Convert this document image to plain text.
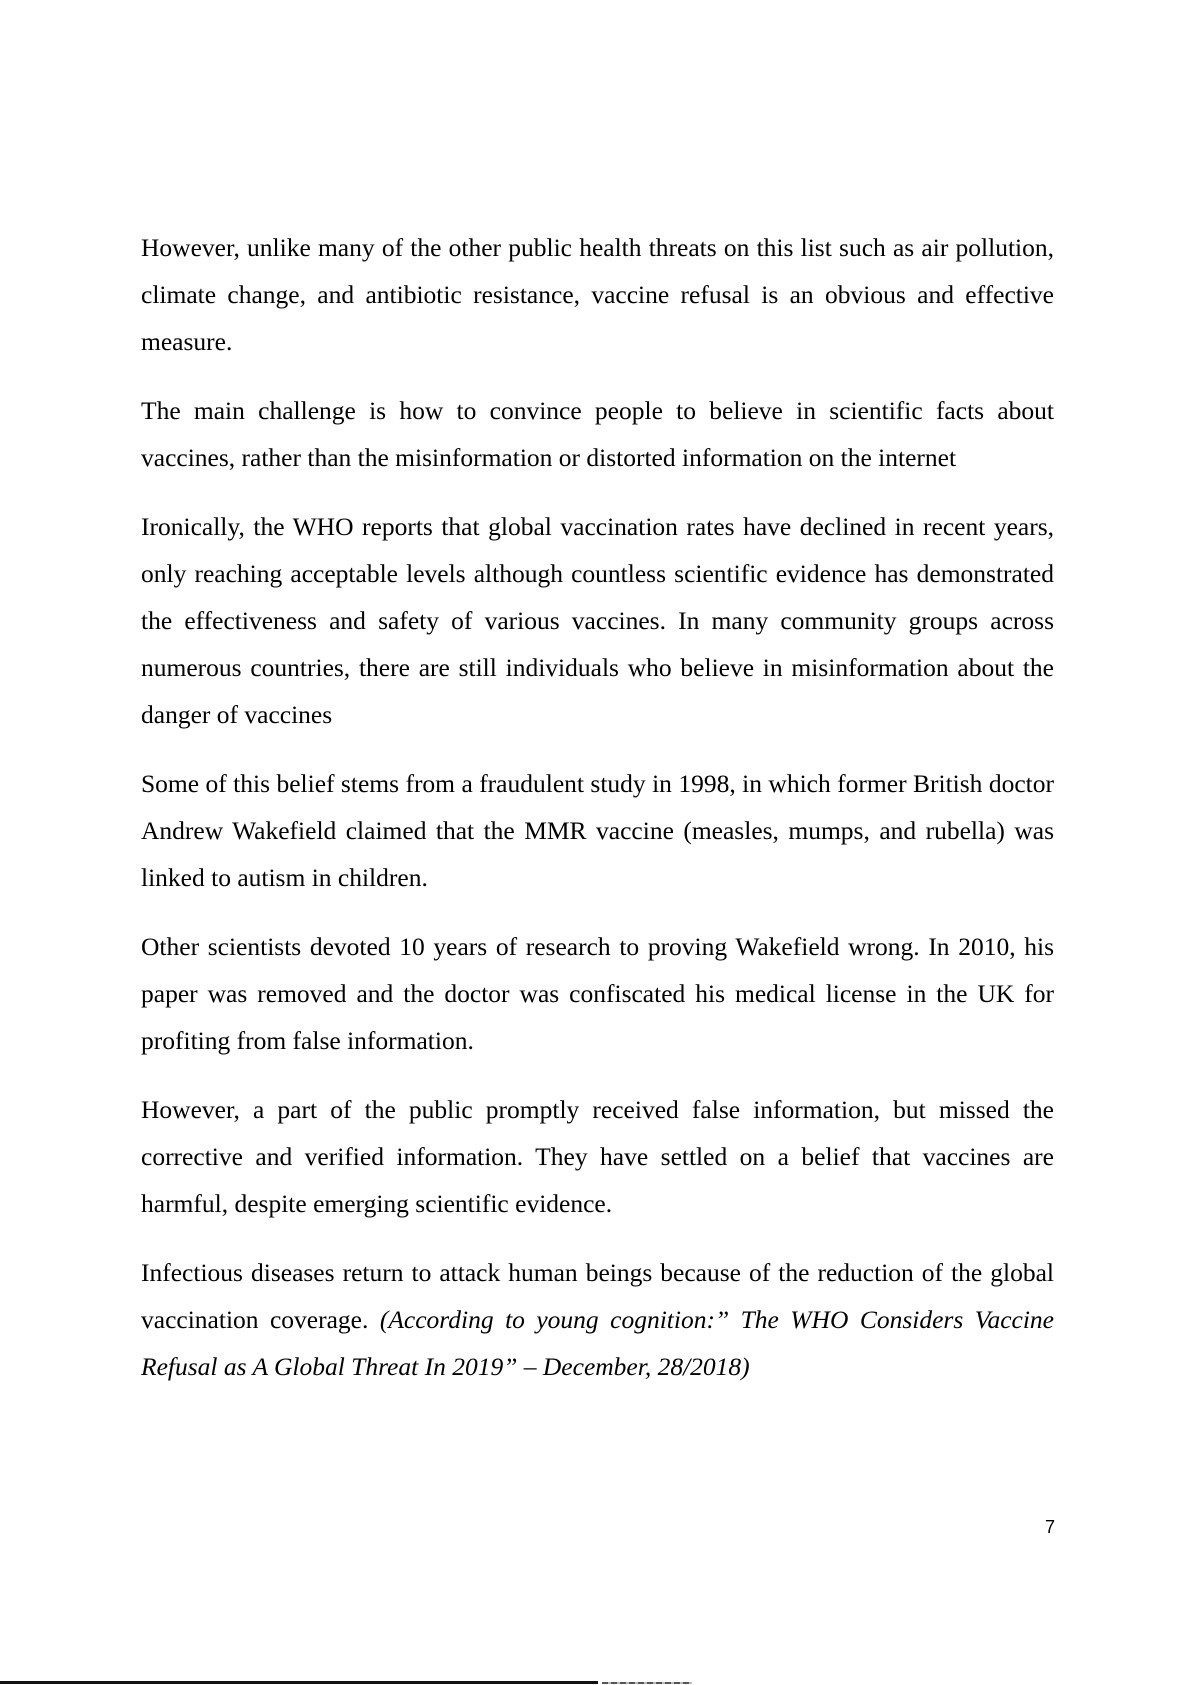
However, unlike many of the other public health threats on this list such as air pollution, climate change, and antibiotic resistance, vaccine refusal is an obvious and effective measure.

The main challenge is how to convince people to believe in scientific facts about vaccines, rather than the misinformation or distorted information on the internet

Ironically, the WHO reports that global vaccination rates have declined in recent years, only reaching acceptable levels although countless scientific evidence has demonstrated the effectiveness and safety of various vaccines. In many community groups across numerous countries, there are still individuals who believe in misinformation about the danger of vaccines

Some of this belief stems from a fraudulent study in 1998, in which former British doctor Andrew Wakefield claimed that the MMR vaccine (measles, mumps, and rubella) was linked to autism in children.

Other scientists devoted 10 years of research to proving Wakefield wrong. In 2010, his paper was removed and the doctor was confiscated his medical license in the UK for profiting from false information.

However, a part of the public promptly received false information, but missed the corrective and verified information. They have settled on a belief that vaccines are harmful, despite emerging scientific evidence.

Infectious diseases return to attack human beings because of the reduction of the global vaccination coverage. (According to young cognition:” The WHO Considers Vaccine Refusal as A Global Threat In 2019” – December, 28/2018)

7
